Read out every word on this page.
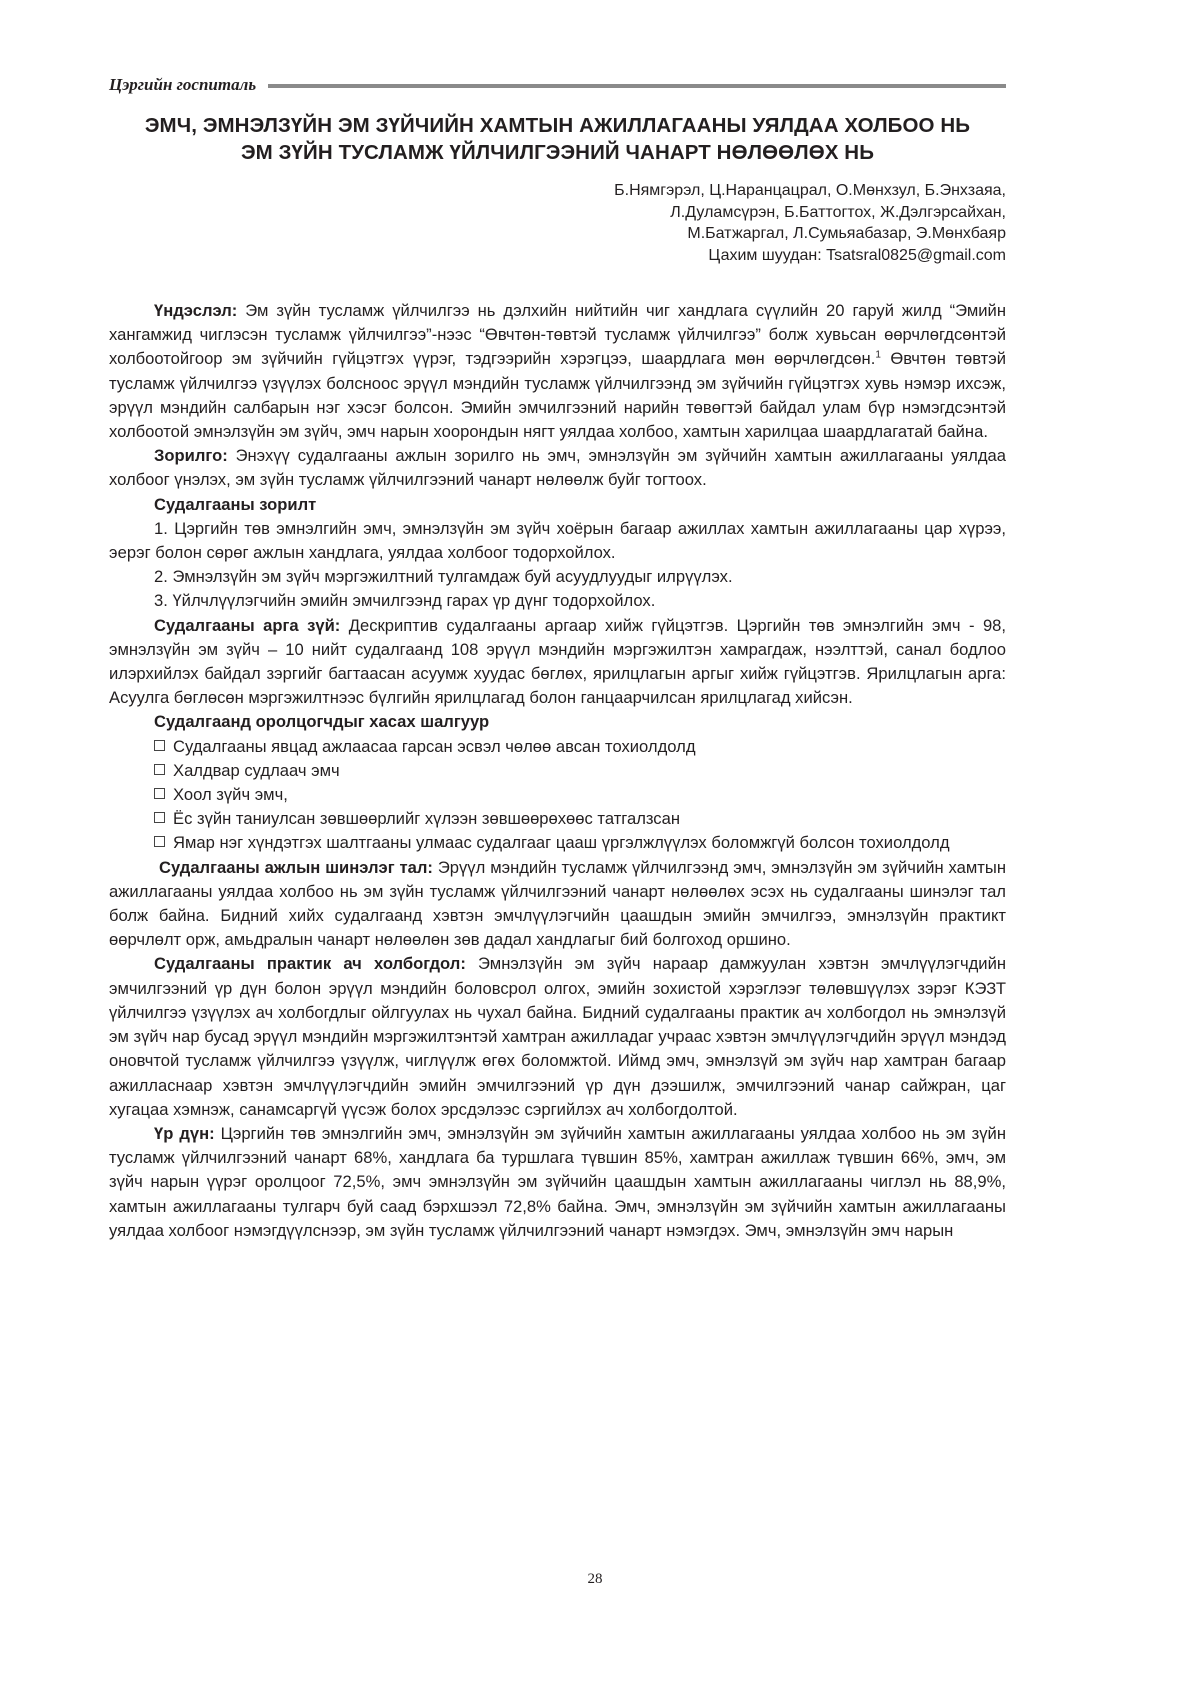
Цэргийн госпиталь
ЭМЧ, ЭМНЭЛЗҮЙН ЭМ ЗҮЙЧИЙН ХАМТЫН АЖИЛЛАГААНЫ УЯЛДАА ХОЛБОО НЬ
ЭМ ЗҮЙН ТУСЛАМЖ ҮЙЛЧИЛГЭЭНИЙ ЧАНАРТ НӨЛӨӨЛӨХ НЬ
Б.Нямгэрэл, Ц.Наранцацрал, О.Мөнхзул, Б.Энхзаяа,
Л.Дуламсүрэн, Б.Баттогтох, Ж.Дэлгэрсайхан,
М.Батжаргал, Л.Сумьяабазар, Э.Мөнхбаяр
Цахим шуудан: Tsatsral0825@gmail.com

Үндэслэл: Эм зүйн тусламж үйлчилгээ нь дэлхийн нийтийн чиг хандлага сүүлийн 20 гаруй жилд “Эмийн хангамжид чиглэсэн тусламж үйлчилгээ”-нээс “Өвчтөн-төвтэй тусламж үйлчилгээ” болж хувьсан өөрчлөгдсөнтэй холбоотойгоор эм зүйчийн гүйцэтгэх үүрэг, тэдгээрийн хэрэгцээ, шаардлага мөн өөрчлөгдсөн.$^1$ Өвчтөн төвтэй тусламж үйлчилгээ үзүүлэх болсноос эрүүл мэндийн тусламж үйлчилгээнд эм зүйчийн гүйцэтгэх хувь нэмэр ихсэж, эрүүл мэндийн салбарын нэг хэсэг болсон. Эмийн эмчилгээний нарийн төвөгтэй байдал улам бүр нэмэгдсэнтэй холбоотой эмнэлзүйн эм зүйч, эмч нарын хоорондын нягт уялдаа холбоо, хамтын харилцаа шаардлагатай байна.

Зорилго: Энэхүү судалгааны ажлын зорилго нь эмч, эмнэлзүйн эм зүйчийн хамтын ажиллагааны уялдаа холбоог үнэлэх, эм зүйн тусламж үйлчилгээний чанарт нөлөөлж буйг тогтоох.

Судалгааны зорилт

1. Цэргийн төв эмнэлгийн эмч, эмнэлзүйн эм зүйч хоёрын багаар ажиллах хамтын ажиллагааны цар хүрээ, эерэг болон сөрөг ажлын хандлага, уялдаа холбоог тодорхойлох.

2. Эмнэлзүйн эм зүйч мэргэжилтний тулгамдаж буй асуудлуудыг илрүүлэх.

3. Үйлчлүүлэгчийн эмийн эмчилгээнд гарах үр дүнг тодорхойлох.

Судалгааны арга зүй: Дескриптив судалгааны аргаар хийж гүйцэтгэв. Цэргийн төв эмнэлгийн эмч - 98, эмнэлзүйн эм зүйч – 10 нийт судалгаанд 108 эрүүл мэндийн мэргэжилтэн хамрагдаж, нээлттэй, санал бодлоо илэрхийлэх байдал зэргийг багтаасан асуумж хуудас бөглөх, ярилцлагын аргыг хийж гүйцэтгэв. Ярилцлагын арга: Асуулга бөглөсөн мэргэжилтнээс бүлгийн ярилцлагад болон ганцаарчилсан ярилцлагад хийсэн.

Судалгаанд оролцогчдыг хасах шалгуур

Судалгааны явцад ажлаасаа гарсан эсвэл чөлөө авсан тохиолдолд

Халдвар судлаач эмч

Хоол зүйч эмч,

Ёс зүйн таниулсан зөвшөөрлийг хүлээн зөвшөөрөхөөс татгалзсан

Ямар нэг хүндэтгэх шалтгааны улмаас судалгааг цааш үргэлжлүүлэх боломжгүй болсон тохиолдолд

Судалгааны ажлын шинэлэг тал: Эрүүл мэндийн тусламж үйлчилгээнд эмч, эмнэлзүйн эм зүйчийн хамтын ажиллагааны уялдаа холбоо нь эм зүйн тусламж үйлчилгээний чанарт нөлөөлөх эсэх нь судалгааны шинэлэг тал болж байна. Бидний хийх судалгаанд хэвтэн эмчлүүлэгчийн цаашдын эмийн эмчилгээ, эмнэлзүйн практикт өөрчлөлт орж, амьдралын чанарт нөлөөлөн зөв дадал хандлагыг бий болгоход оршино.

Судалгааны практик ач холбогдол: Эмнэлзүйн эм зүйч нараар дамжуулан хэвтэн эмчлүүлэгчдийн эмчилгээний үр дүн болон эрүүл мэндийн боловсрол олгох, эмийн зохистой хэрэглээг төлөвшүүлэх зэрэг КЭЗТ үйлчилгээ үзүүлэх ач холбогдлыг ойлгуулах нь чухал байна. Бидний судалгааны практик ач холбогдол нь эмнэлзүй эм зүйч нар бусад эрүүл мэндийн мэргэжилтэнтэй хамтран ажилладаг учраас хэвтэн эмчлүүлэгчдийн эрүүл мэндэд оновчтой тусламж үйлчилгээ үзүүлж, чиглүүлж өгөх боломжтой. Иймд эмч, эмнэлзүй эм зүйч нар хамтран багаар ажилласнаар хэвтэн эмчлүүлэгчдийн эмийн эмчилгээний үр дүн дээшилж, эмчилгээний чанар сайжран, цаг хугацаа хэмнэж, санамсаргүй үүсэж болох эрсдэлээс сэргийлэх ач холбогдолтой.

Үр дүн: Цэргийн төв эмнэлгийн эмч, эмнэлзүйн эм зүйчийн хамтын ажиллагааны уялдаа холбоо нь эм зүйн тусламж үйлчилгээний чанарт 68%, хандлага ба туршлага түвшин 85%, хамтран ажиллаж түвшин 66%, эмч, эм зүйч нарын үүрэг оролцоог 72,5%, эмч эмнэлзүйн эм зүйчийн цаашдын хамтын ажиллагааны чиглэл нь 88,9%, хамтын ажиллагааны тулгарч буй саад бэрхшээл 72,8% байна. Эмч, эмнэлзүйн эм зүйчийн хамтын ажиллагааны уялдаа холбоог нэмэгдүүлснээр, эм зүйн тусламж үйлчилгээний чанарт нэмэгдэх. Эмч, эмнэлзүйн эмч нарын

28
